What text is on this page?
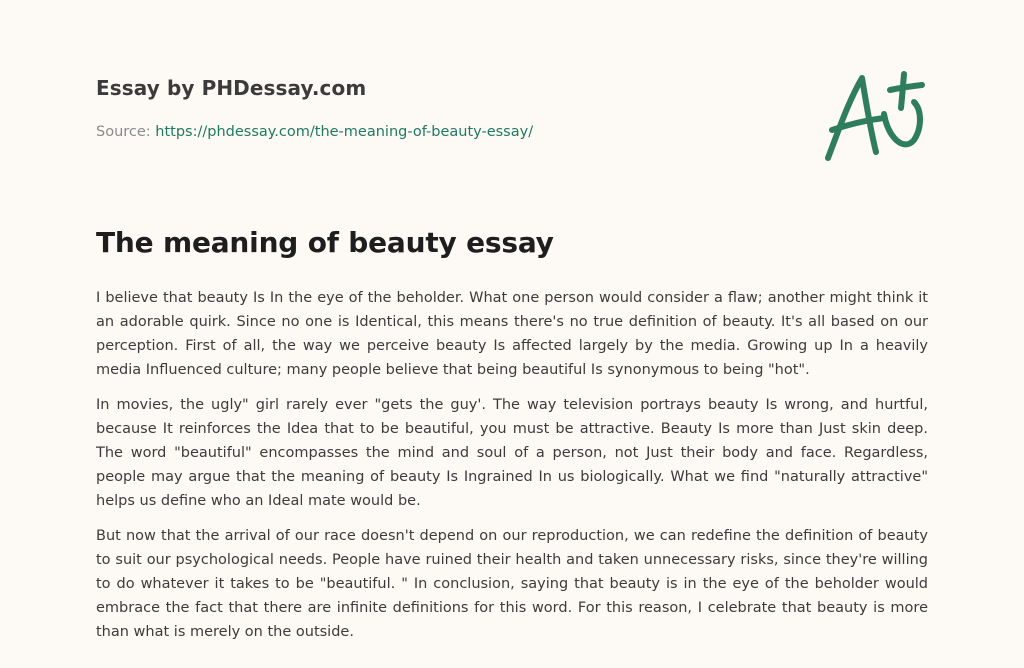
Essay by PHDessay.com
Source: https://phdessay.com/the-meaning-of-beauty-essay/
The meaning of beauty essay

I believe that beauty Is In the eye of the beholder. What one person would consider a flaw; another might think it an adorable quirk. Since no one is Identical, this means there's no true definition of beauty. It's all based on our perception. First of all, the way we perceive beauty Is affected largely by the media. Growing up In a heavily media Influenced culture; many people believe that being beautiful Is synonymous to being "hot".

In movies, the ugly" girl rarely ever "gets the guy'. The way television portrays beauty Is wrong, and hurtful, because It reinforces the Idea that to be beautiful, you must be attractive. Beauty Is more than Just skin deep. The word "beautiful" encompasses the mind and soul of a person, not Just their body and face. Regardless, people may argue that the meaning of beauty Is Ingrained In us biologically. What we find "naturally attractive" helps us define who an Ideal mate would be.

But now that the arrival of our race doesn't depend on our reproduction, we can redefine the definition of beauty to suit our psychological needs. People have ruined their health and taken unnecessary risks, since they're willing to do whatever it takes to be "beautiful. " In conclusion, saying that beauty is in the eye of the beholder would embrace the fact that there are infinite definitions for this word. For this reason, I celebrate that beauty is more than what is merely on the outside.
